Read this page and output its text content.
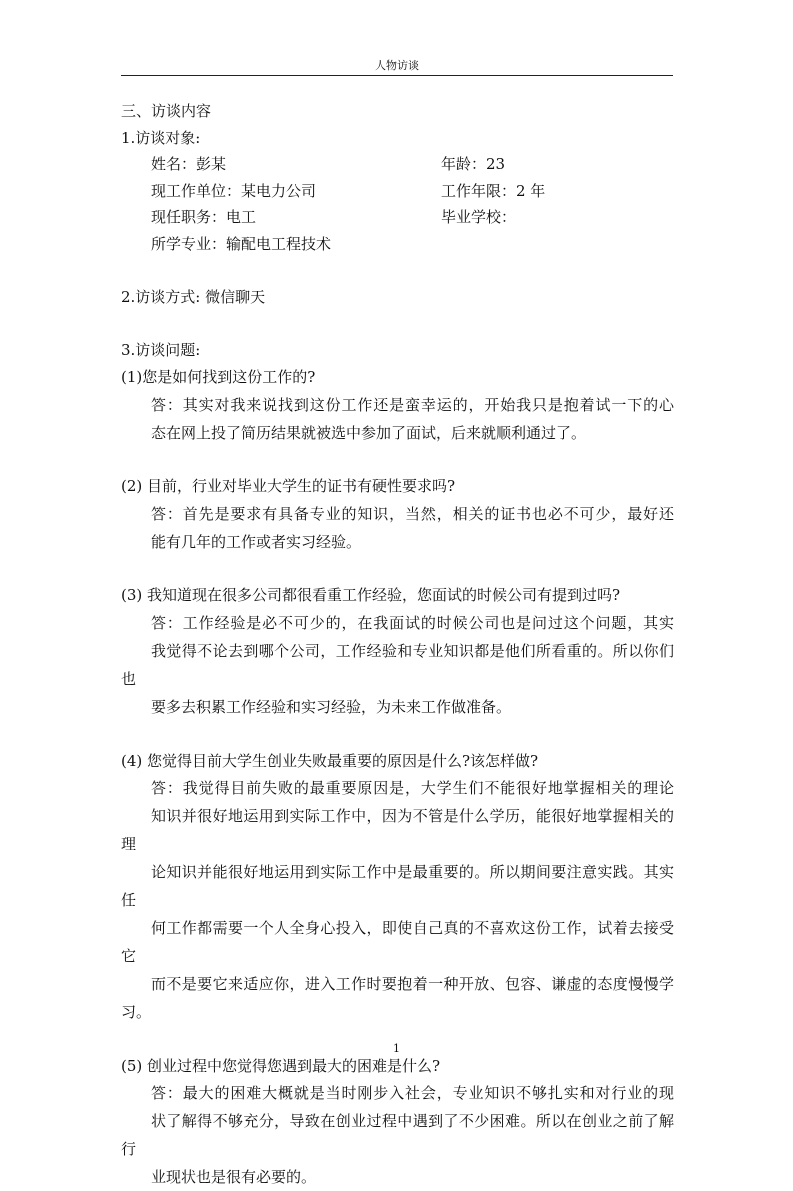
人物访谈

三、访谈内容

1.访谈对象:

姓名：彭某	年龄：23
现工作单位：某电力公司	工作年限：2 年
现任职务：电工	毕业学校：
所学专业：输配电工程技术

2.访谈方式: 微信聊天

3.访谈问题:

(1)您是如何找到这份工作的?

答：其实对我来说找到这份工作还是蛮幸运的，开始我只是抱着试一下的心
态在网上投了简历结果就被选中参加了面试，后来就顺利通过了。

(2) 目前，行业对毕业大学生的证书有硬性要求吗?

答：首先是要求有具备专业的知识，当然，相关的证书也必不可少，最好还
能有几年的工作或者实习经验。

(3) 我知道现在很多公司都很看重工作经验，您面试的时候公司有提到过吗?

答：工作经验是必不可少的，在我面试的时候公司也是问过这个问题，其实
我觉得不论去到哪个公司，工作经验和专业知识都是他们所看重的。所以你们也
要多去积累工作经验和实习经验，为未来工作做准备。

(4) 您觉得目前大学生创业失败最重要的原因是什么?该怎样做?

答：我觉得目前失败的最重要原因是，大学生们不能很好地掌握相关的理论
知识并很好地运用到实际工作中，因为不管是什么学历，能很好地掌握相关的理
论知识并能很好地运用到实际工作中是最重要的。所以期间要注意实践。其实任
何工作都需要一个人全身心投入，即使自己真的不喜欢这份工作，试着去接受它
而不是要它来适应你，进入工作时要抱着一种开放、包容、谦虚的态度慢慢学习。

(5) 创业过程中您觉得您遇到最大的困难是什么?

答：最大的困难大概就是当时刚步入社会，专业知识不够扎实和对行业的现
状了解得不够充分，导致在创业过程中遇到了不少困难。所以在创业之前了解行
业现状也是很有必要的。
1
